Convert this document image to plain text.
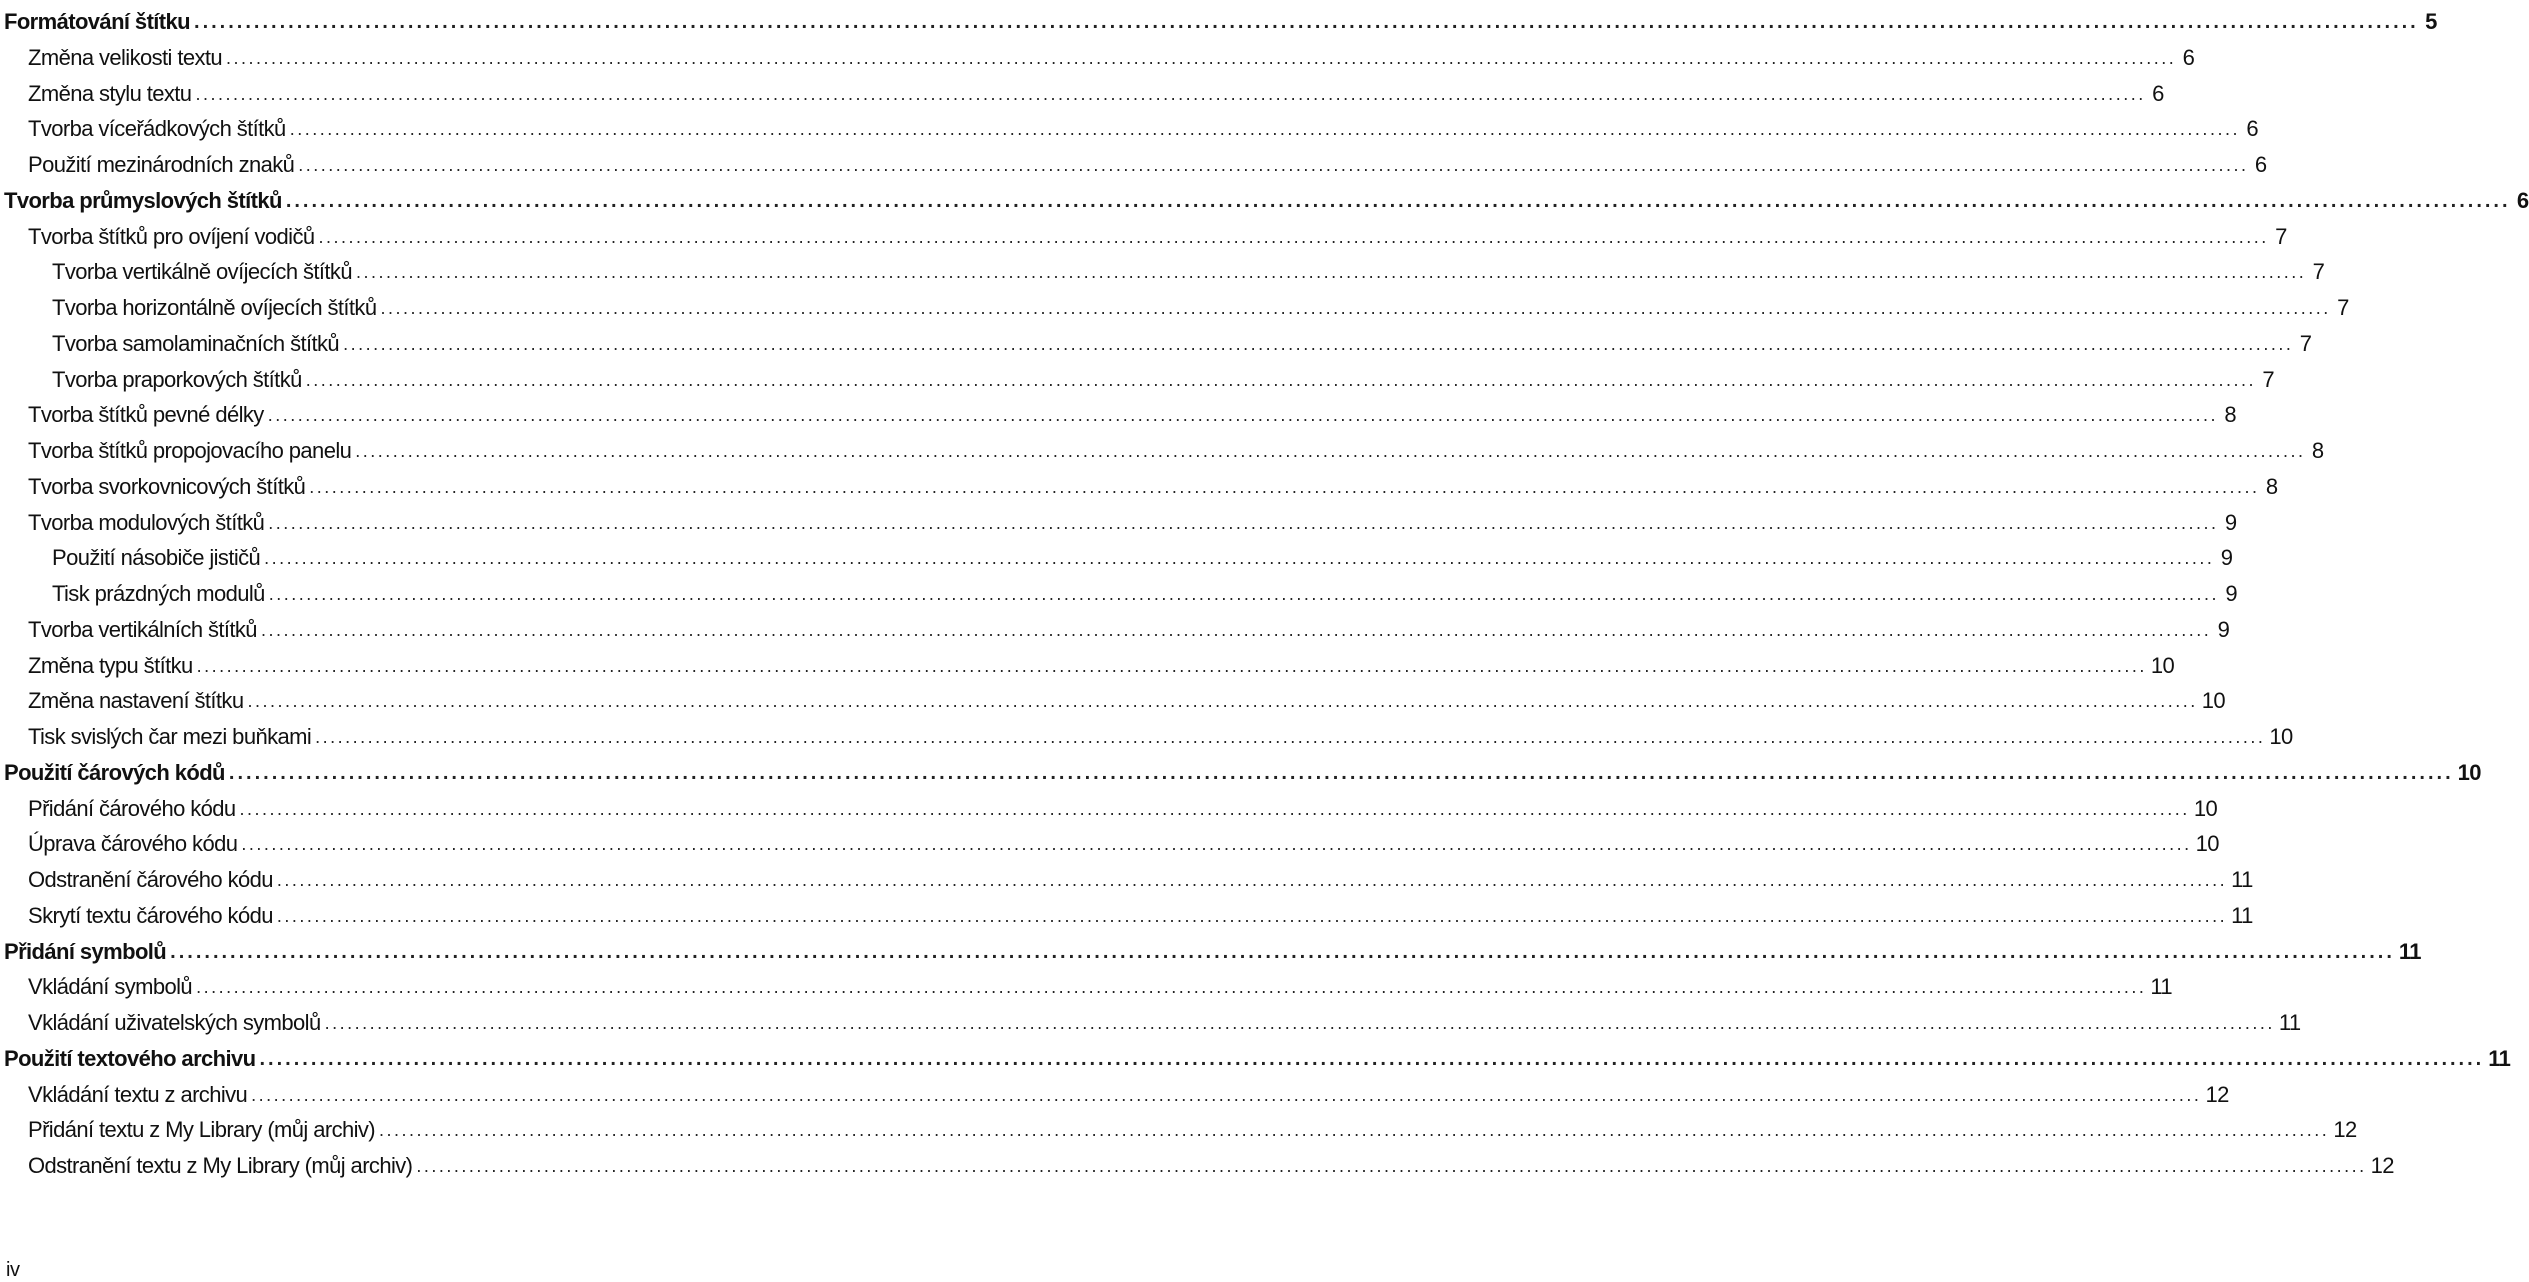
Formátování štítku .................................................................................................................................................................................................................................................................... 5
Změna velikosti textu .................................................................................................................................................................................................................................................................... 6
Změna stylu textu .................................................................................................................................................................................................................................................................... 6
Tvorba víceřádkových štítků .................................................................................................................................................................................................................................................................... 6
Použití mezinárodních znaků .................................................................................................................................................................................................................................................................... 6
Tvorba průmyslových štítků .................................................................................................................................................................................................................................................................... 6
Tvorba štítků pro ovíjení vodičů .................................................................................................................................................................................................................................................................... 7
Tvorba vertikálně ovíjecích štítků .................................................................................................................................................................................................................................................................... 7
Tvorba horizontálně ovíjecích štítků .................................................................................................................................................................................................................................................................... 7
Tvorba samolaminačních štítků .................................................................................................................................................................................................................................................................... 7
Tvorba praporkových štítků .................................................................................................................................................................................................................................................................... 7
Tvorba štítků pevné délky .................................................................................................................................................................................................................................................................... 8
Tvorba štítků propojovacího panelu .................................................................................................................................................................................................................................................................... 8
Tvorba svorkovnicových štítků .................................................................................................................................................................................................................................................................... 8
Tvorba modulových štítků .................................................................................................................................................................................................................................................................... 9
Použití násobiče jističů .................................................................................................................................................................................................................................................................... 9
Tisk prázdných modulů .................................................................................................................................................................................................................................................................... 9
Tvorba vertikálních štítků .................................................................................................................................................................................................................................................................... 9
Změna typu štítku .................................................................................................................................................................................................................................................................... 10
Změna nastavení štítku .................................................................................................................................................................................................................................................................... 10
Tisk svislých čar mezi buňkami .................................................................................................................................................................................................................................................................... 10
Použití čárových kódů .................................................................................................................................................................................................................................................................... 10
Přidání čárového kódu .................................................................................................................................................................................................................................................................... 10
Úprava čárového kódu .................................................................................................................................................................................................................................................................... 10
Odstranění čárového kódu .................................................................................................................................................................................................................................................................... 11
Skrytí textu čárového kódu .................................................................................................................................................................................................................................................................... 11
Přidání symbolů .................................................................................................................................................................................................................................................................... 11
Vkládání symbolů .................................................................................................................................................................................................................................................................... 11
Vkládání uživatelských symbolů .................................................................................................................................................................................................................................................................... 11
Použití textového archivu .................................................................................................................................................................................................................................................................... 11
Vkládání textu z archivu .................................................................................................................................................................................................................................................................... 12
Přidání textu z My Library (můj archiv) .................................................................................................................................................................................................................................................................... 12
Odstranění textu z My Library (můj archiv) .................................................................................................................................................................................................................................................................... 12
iv
